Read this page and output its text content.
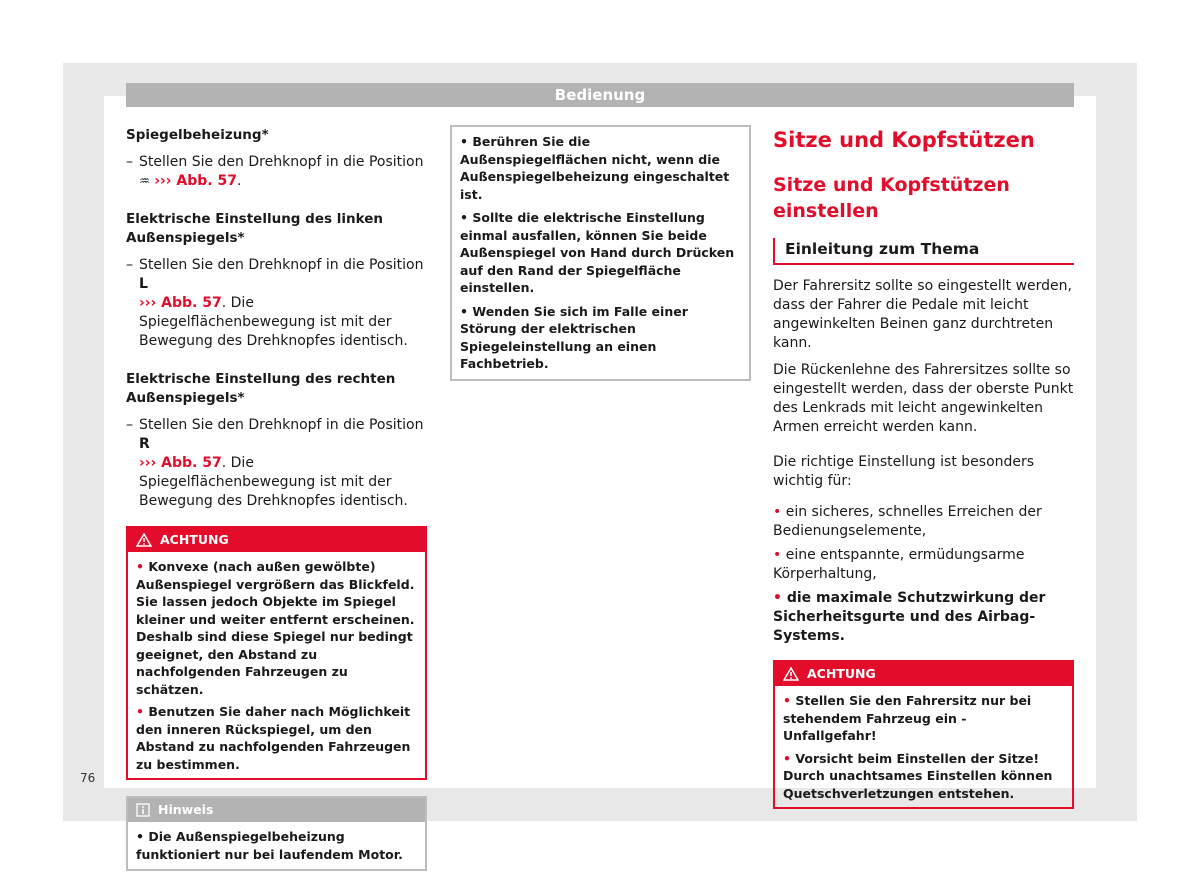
Bedienung
Spiegelbeheizung*
– Stellen Sie den Drehknopf in die Position
♒ ››› Abb. 57.
Elektrische Einstellung des linken Außenspiegels*
– Stellen Sie den Drehknopf in die Position L
››› Abb. 57. Die Spiegelflächenbewegung ist mit der Bewegung des Drehknopfes identisch.
Elektrische Einstellung des rechten Außenspiegels*
– Stellen Sie den Drehknopf in die Position R
››› Abb. 57. Die Spiegelflächenbewegung ist mit der Bewegung des Drehknopfes identisch.
ACHTUNG

• Konvexe (nach außen gewölbte) Außenspiegel vergrößern das Blickfeld. Sie lassen jedoch Objekte im Spiegel kleiner und weiter entfernt erscheinen. Deshalb sind diese Spiegel nur bedingt geeignet, den Abstand zu nachfolgenden Fahrzeugen zu schätzen.

• Benutzen Sie daher nach Möglichkeit den inneren Rückspiegel, um den Abstand zu nachfolgenden Fahrzeugen zu bestimmen.

Hinweis
• Die Außenspiegelbeheizung funktioniert nur bei laufendem Motor.

• Berühren Sie die Außenspiegelflächen nicht, wenn die Außenspiegelbeheizung eingeschaltet ist.

• Sollte die elektrische Einstellung einmal ausfallen, können Sie beide Außenspiegel von Hand durch Drücken auf den Rand der Spiegelfläche einstellen.

• Wenden Sie sich im Falle einer Störung der elektrischen Spiegeleinstellung an einen Fachbetrieb.

Sitze und Kopfstützen
Sitze und Kopfstützen einstellen
Einleitung zum Thema

Der Fahrersitz sollte so eingestellt werden, dass der Fahrer die Pedale mit leicht angewinkelten Beinen ganz durchtreten kann.

Die Rückenlehne des Fahrersitzes sollte so eingestellt werden, dass der oberste Punkt des Lenkrads mit leicht angewinkelten Armen erreicht werden kann.

Die richtige Einstellung ist besonders wichtig für:

• ein sicheres, schnelles Erreichen der Bedienungselemente,

• eine entspannte, ermüdungsarme Körperhaltung,

• die maximale Schutzwirkung der Sicherheitsgurte und des Airbag-Systems.

ACHTUNG

• Stellen Sie den Fahrersitz nur bei stehendem Fahrzeug ein - Unfallgefahr!

• Vorsicht beim Einstellen der Sitze! Durch unachtsames Einstellen können Quetschverletzungen entstehen.

76
